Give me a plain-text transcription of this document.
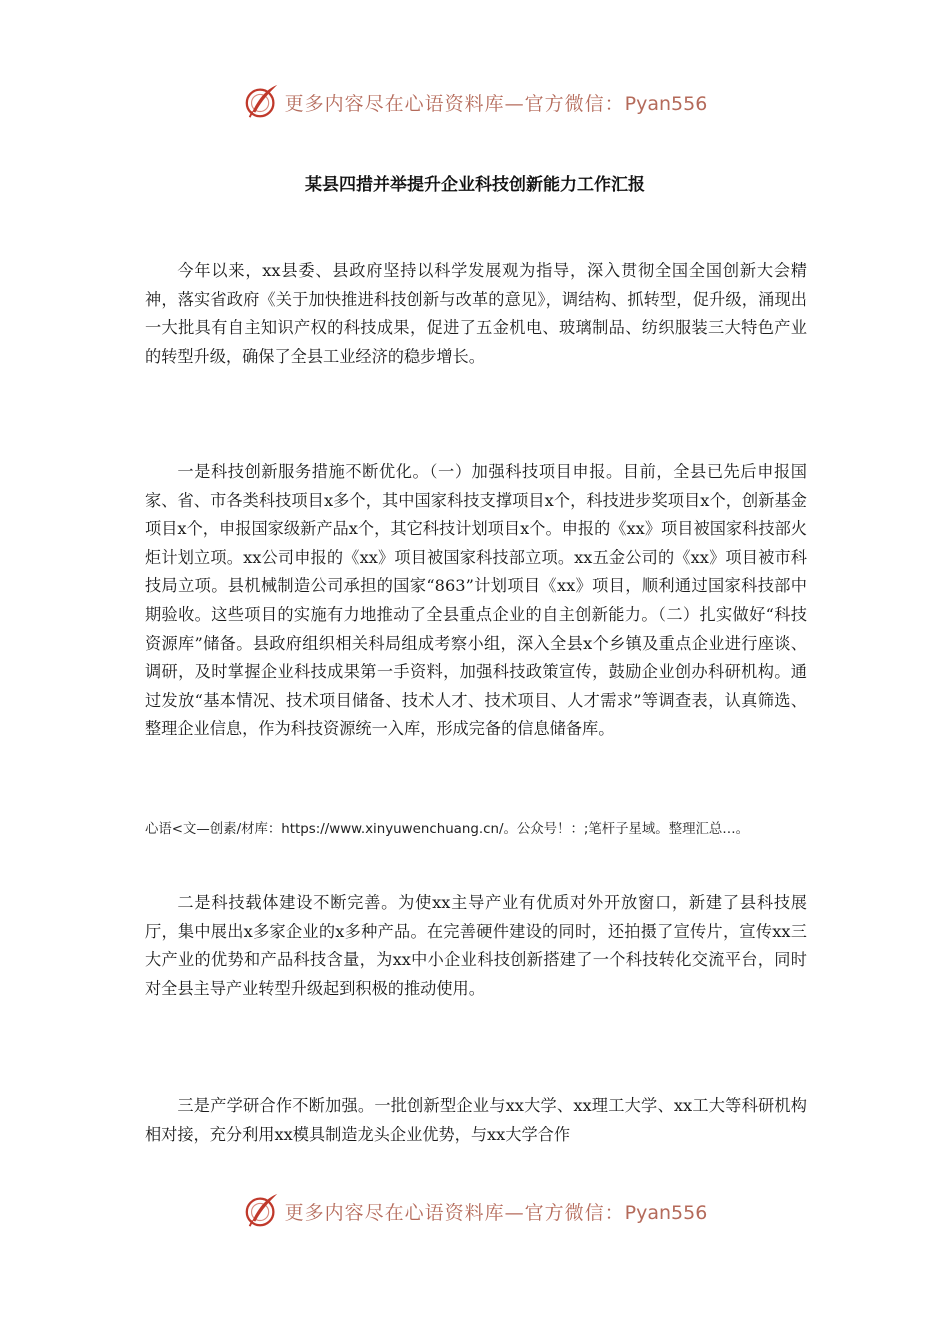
更多内容尽在心语资料库—官方微信：Pyan556
某县四措并举提升企业科技创新能力工作汇报

今年以来，xx县委、县政府坚持以科学发展观为指导，深入贯彻全国全国创新大会精神，落实省政府《关于加快推进科技创新与改革的意见》，调结构、抓转型，促升级，涌现出一大批具有自主知识产权的科技成果，促进了五金机电、玻璃制品、纺织服装三大特色产业的转型升级，确保了全县工业经济的稳步增长。

一是科技创新服务措施不断优化。（一）加强科技项目申报。目前，全县已先后申报国家、省、市各类科技项目x多个，其中国家科技支撑项目x个，科技进步奖项目x个，创新基金项目x个，申报国家级新产品x个，其它科技计划项目x个。申报的《xx》项目被国家科技部火炬计划立项。xx公司申报的《xx》项目被国家科技部立项。xx五金公司的《xx》项目被市科技局立项。县机械制造公司承担的国家“863”计划项目《xx》项目，顺利通过国家科技部中期验收。这些项目的实施有力地推动了全县重点企业的自主创新能力。（二）扎实做好“科技资源库”储备。县政府组织相关科局组成考察小组，深入全县x个乡镇及重点企业进行座谈、调研，及时掌握企业科技成果第一手资料，加强科技政策宣传，鼓励企业创办科研机构。通过发放“基本情况、技术项目储备、技术人才、技术项目、人才需求”等调查表，认真筛选、整理企业信息，作为科技资源统一入库，形成完备的信息储备库。

心语<文—创素/材库：https://www.xinyuwenchuang.cn/。公众号！：;笔杆子星域。整理汇总…。

二是科技载体建设不断完善。为使xx主导产业有优质对外开放窗口，新建了县科技展厅，集中展出x多家企业的x多种产品。在完善硬件建设的同时，还拍摄了宣传片，宣传xx三大产业的优势和产品科技含量，为xx中小企业科技创新搭建了一个科技转化交流平台，同时对全县主导产业转型升级起到积极的推动使用。

三是产学研合作不断加强。一批创新型企业与xx大学、xx理工大学、xx工大等科研机构相对接，充分利用xx模具制造龙头企业优势，与xx大学合作

更多内容尽在心语资料库—官方微信：Pyan556
